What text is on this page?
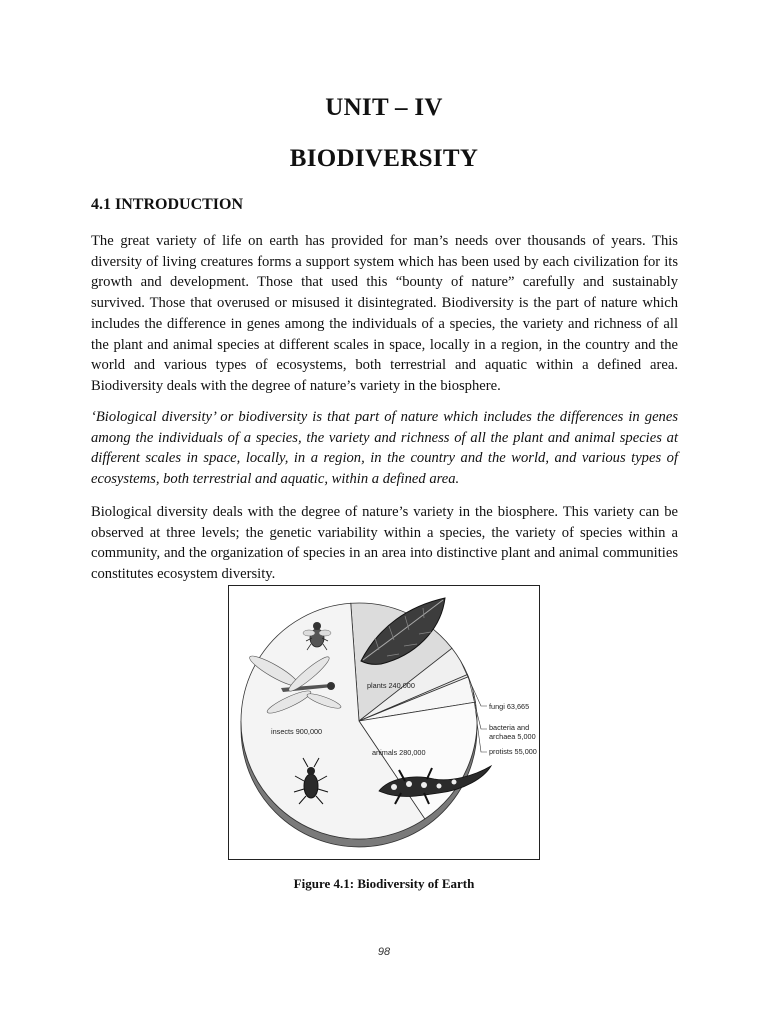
UNIT – IV
BIODIVERSITY
4.1 INTRODUCTION

The great variety of life on earth has provided for man’s needs over thousands of years. This diversity of living creatures forms a support system which has been used by each civilization for its growth and development. Those that used this “bounty of nature” carefully and sustainably survived. Those that overused or misused it disintegrated. Biodiversity is the part of nature which includes the difference in genes among the individuals of a species, the variety and richness of all the plant and animal species at different scales in space, locally in a region, in the country and the world and various types of ecosystems, both terrestrial and aquatic within a defined area. Biodiversity deals with the degree of nature’s variety in the biosphere.

‘Biological diversity’ or biodiversity is that part of nature which includes the differences in genes among the individuals of a species, the variety and richness of all the plant and animal species at different scales in space, locally, in a region, in the country and the world, and various types of ecosystems, both terrestrial and aquatic, within a defined area.

Biological diversity deals with the degree of nature’s variety in the biosphere. This variety can be observed at three levels; the genetic variability within a species, the variety of species within a community, and the organization of species in an area into distinctive plant and animal communities constitutes ecosystem diversity.

plants 240,000
insects 900,000
animals 280,000
fungi 63,665
bacteria and
archaea 5,000
protists 55,000
Figure 4.1: Biodiversity of Earth
98
